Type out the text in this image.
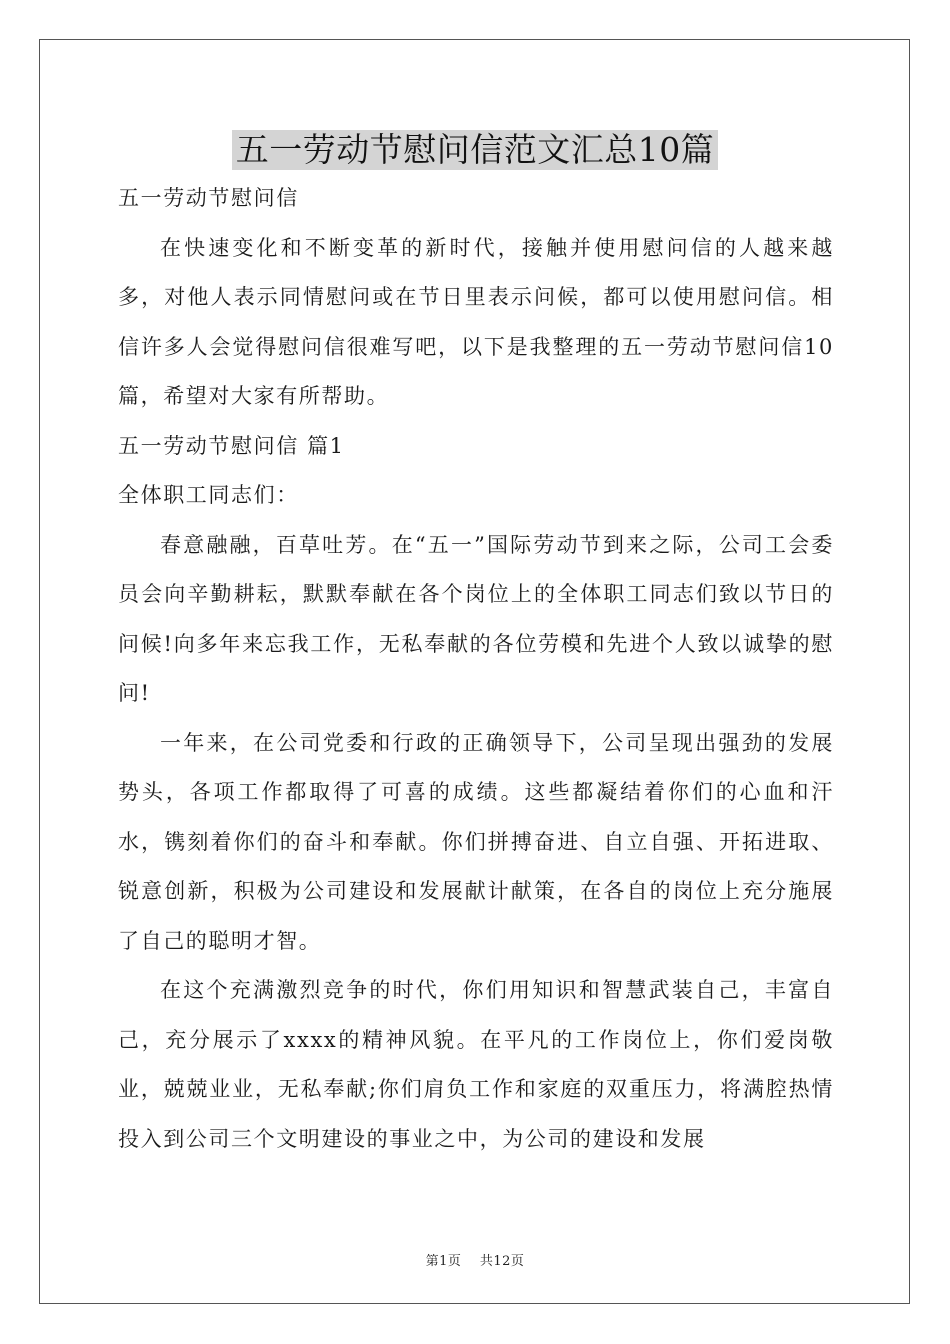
五一劳动节慰问信范文汇总10篇

五一劳动节慰问信

在快速变化和不断变革的新时代，接触并使用慰问信的人越来越多，对他人表示同情慰问或在节日里表示问候，都可以使用慰问信。相信许多人会觉得慰问信很难写吧，以下是我整理的五一劳动节慰问信10篇，希望对大家有所帮助。

五一劳动节慰问信 篇1

全体职工同志们：

春意融融，百草吐芳。在“五一”国际劳动节到来之际，公司工会委员会向辛勤耕耘，默默奉献在各个岗位上的全体职工同志们致以节日的问候!向多年来忘我工作，无私奉献的各位劳模和先进个人致以诚挚的慰问!

一年来，在公司党委和行政的正确领导下，公司呈现出强劲的发展势头，各项工作都取得了可喜的成绩。这些都凝结着你们的心血和汗水，镌刻着你们的奋斗和奉献。你们拼搏奋进、自立自强、开拓进取、锐意创新，积极为公司建设和发展献计献策，在各自的岗位上充分施展了自己的聪明才智。

在这个充满激烈竞争的时代，你们用知识和智慧武装自己，丰富自己，充分展示了xxxx的精神风貌。在平凡的工作岗位上，你们爱岗敬业，兢兢业业，无私奉献;你们肩负工作和家庭的双重压力，将满腔热情投入到公司三个文明建设的事业之中，为公司的建设和发展

第1页 共12页
